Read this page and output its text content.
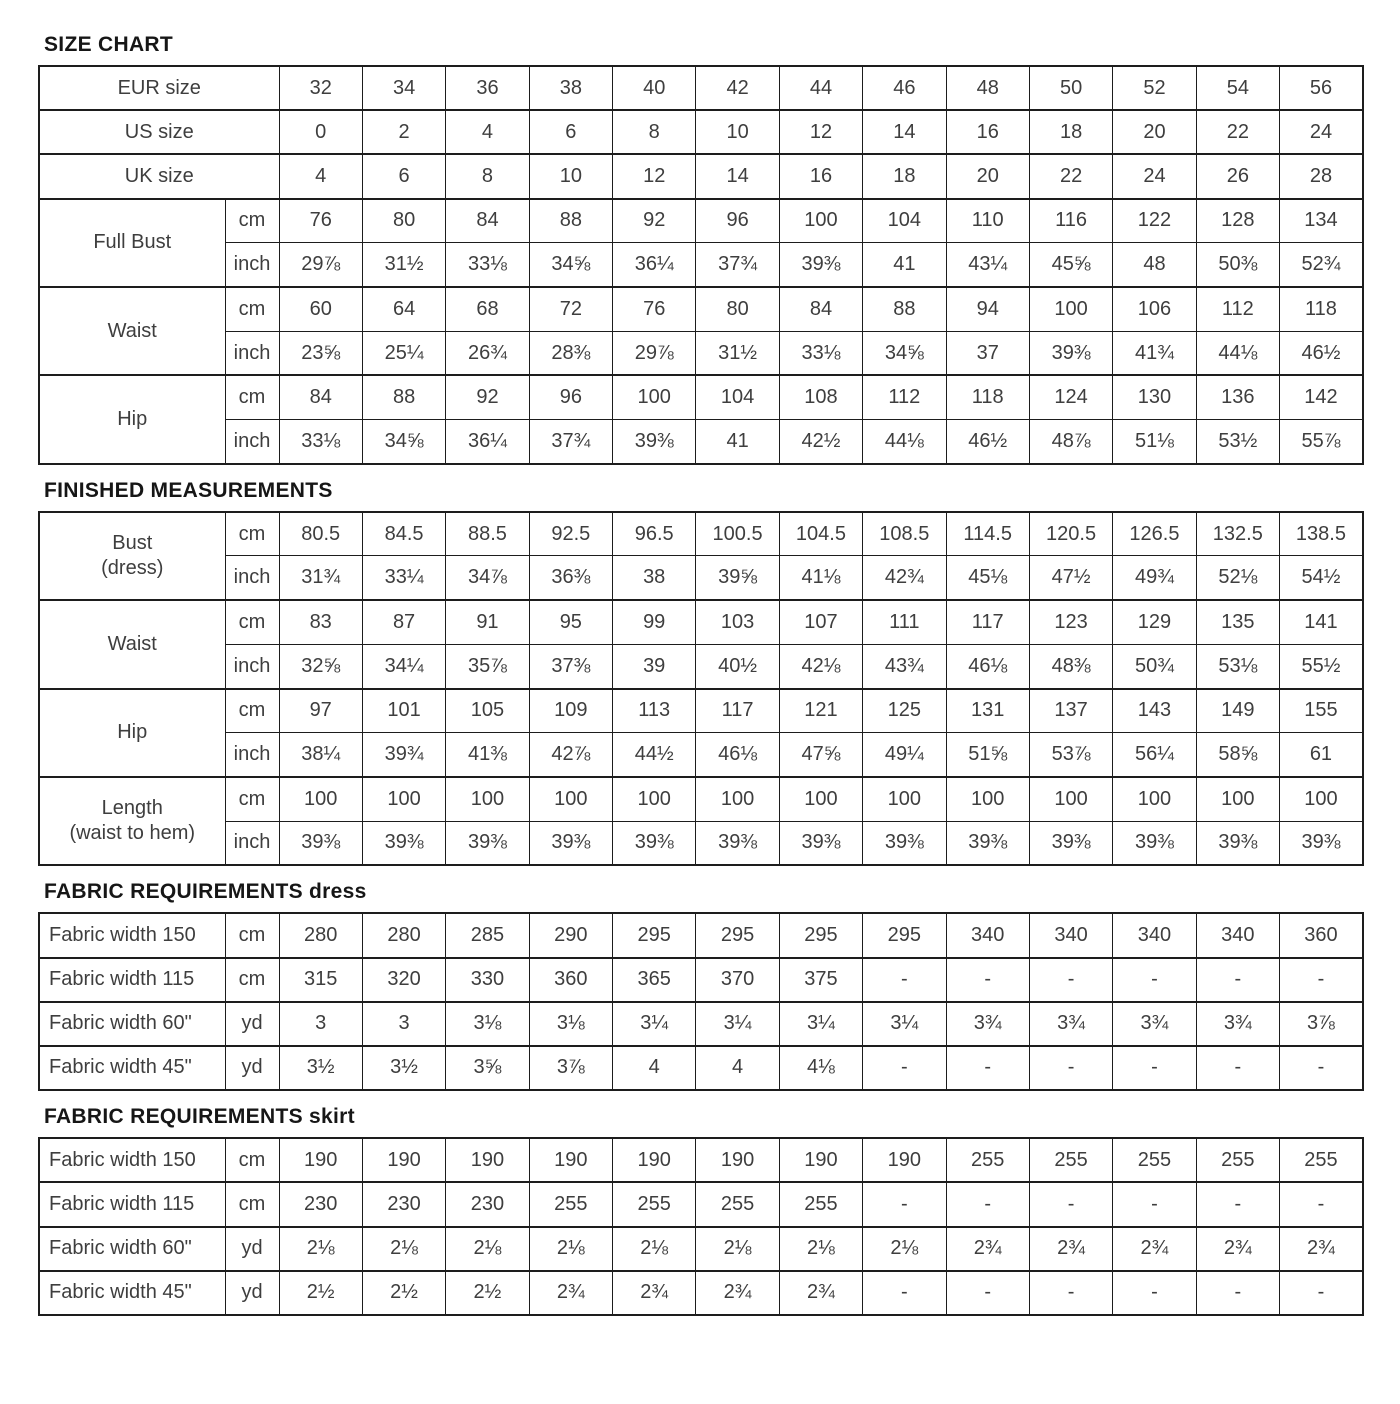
SIZE CHART
EUR size		32	34	36	38	40	42	44	46	48	50	52	54	56
US size		0	2	4	6	8	10	12	14	16	18	20	22	24
UK size		4	6	8	10	12	14	16	18	20	22	24	26	28

Full Bust	cm	76	80	84	88	92	96	100	104	110	116	122	128	134
	inch	29⅞	31½	33⅛	34⅝	36¼	37¾	39⅜	41	43¼	45⅝	48	50⅜	52¾

Waist	cm	60	64	68	72	76	80	84	88	94	100	106	112	118
	inch	23⅝	25¼	26¾	28⅜	29⅞	31½	33⅛	34⅝	37	39⅜	41¾	44⅛	46½

Hip	cm	84	88	92	96	100	104	108	112	118	124	130	136	142
	inch	33⅛	34⅝	36¼	37¾	39⅜	41	42½	44⅛	46½	48⅞	51⅛	53½	55⅞
FINISHED MEASUREMENTS
Bust
(dress)	cm	80.5	84.5	88.5	92.5	96.5	100.5	104.5	108.5	114.5	120.5	126.5	132.5	138.5
	inch	31¾	33¼	34⅞	36⅜	38	39⅝	41⅛	42¾	45⅛	47½	49¾	52⅛	54½

Waist	cm	83	87	91	95	99	103	107	111	117	123	129	135	141
	inch	32⅝	34¼	35⅞	37⅜	39	40½	42⅛	43¾	46⅛	48⅜	50¾	53⅛	55½

Hip	cm	97	101	105	109	113	117	121	125	131	137	143	149	155
	inch	38¼	39¾	41⅜	42⅞	44½	46⅛	47⅝	49¼	51⅝	53⅞	56¼	58⅝	61

Length
(waist to hem)	cm	100	100	100	100	100	100	100	100	100	100	100	100	100
	inch	39⅜	39⅜	39⅜	39⅜	39⅜	39⅜	39⅜	39⅜	39⅜	39⅜	39⅜	39⅜	39⅜
FABRIC REQUIREMENTS dress
Fabric width 150	cm	280	280	285	290	295	295	295	295	340	340	340	340	360
Fabric width 115	cm	315	320	330	360	365	370	375	-	-	-	-	-	-
Fabric width 60"	yd	3	3	3⅛	3⅛	3¼	3¼	3¼	3¼	3¾	3¾	3¾	3¾	3⅞
Fabric width 45"	yd	3½	3½	3⅝	3⅞	4	4	4⅛	-	-	-	-	-	-
FABRIC REQUIREMENTS skirt
Fabric width 150	cm	190	190	190	190	190	190	190	190	255	255	255	255	255
Fabric width 115	cm	230	230	230	255	255	255	255	-	-	-	-	-	-
Fabric width 60"	yd	2⅛	2⅛	2⅛	2⅛	2⅛	2⅛	2⅛	2⅛	2¾	2¾	2¾	2¾	2¾
Fabric width 45"	yd	2½	2½	2½	2¾	2¾	2¾	2¾	-	-	-	-	-	-
